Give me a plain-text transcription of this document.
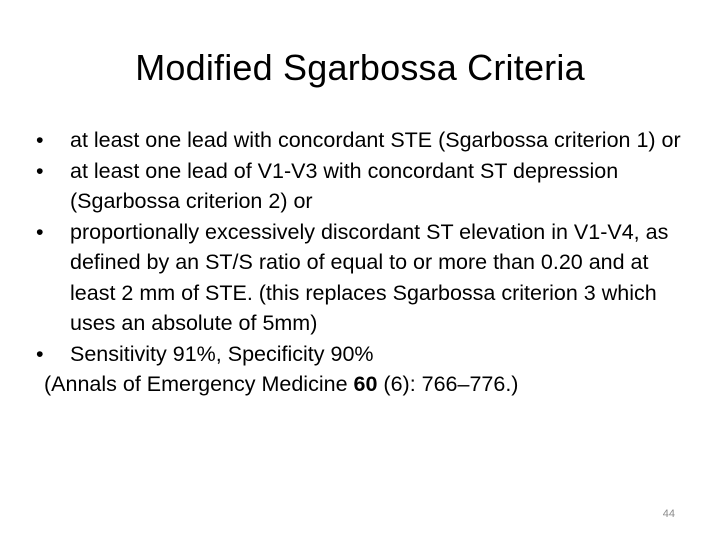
Modified Sgarbossa Criteria
•	at least one lead with concordant STE (Sgarbossa criterion 1) or
•	at least one lead of V1-V3 with concordant ST depression (Sgarbossa criterion 2) or
•	proportionally excessively discordant ST elevation in V1-V4, as defined by an ST/S ratio of equal to or more than 0.20 and at least 2 mm of STE. (this replaces Sgarbossa criterion 3 which uses an absolute of 5mm)
•	Sensitivity 91%, Specificity 90%

(Annals of Emergency Medicine 60 (6): 766–776.)

44
